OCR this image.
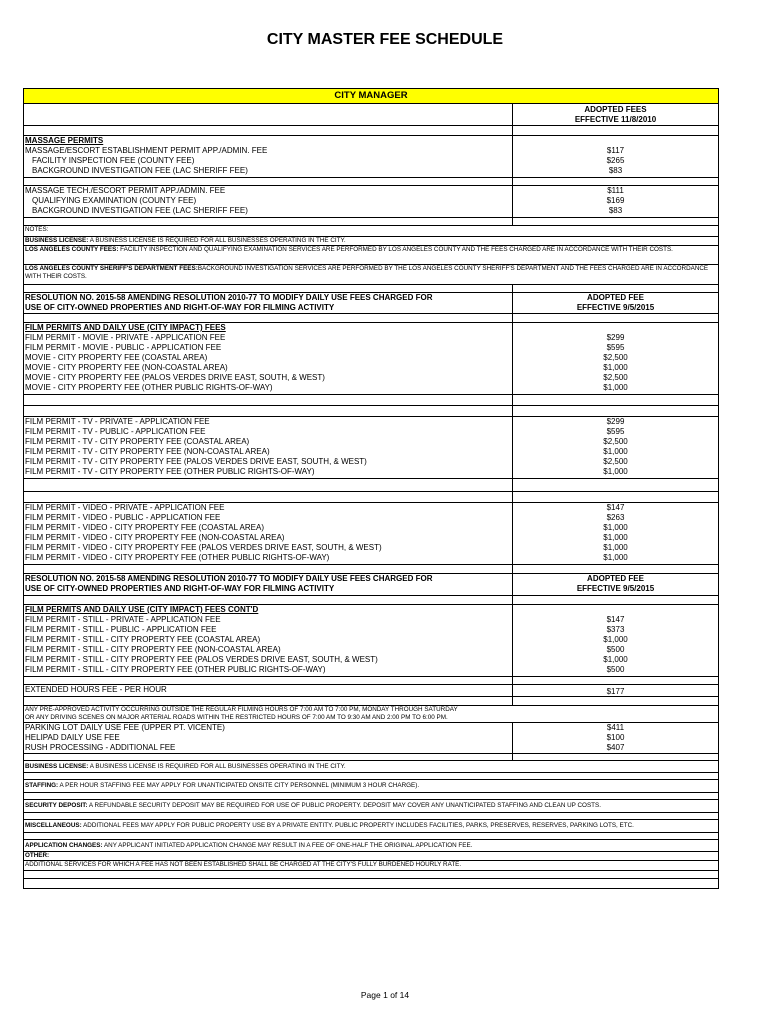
CITY MASTER FEE SCHEDULE
CITY MANAGER
ADOPTED FEES
EFFECTIVE 11/8/2010
MASSAGE PERMITS
MASSAGE/ESCORT ESTABLISHMENT PERMIT APP./ADMIN. FEE
FACILITY INSPECTION FEE (COUNTY FEE)
BACKGROUND INVESTIGATION FEE (LAC SHERIFF FEE)
$117
$265
$83
MASSAGE TECH./ESCORT PERMIT APP./ADMIN. FEE
QUALIFYING EXAMINATION (COUNTY FEE)
BACKGROUND INVESTIGATION FEE (LAC SHERIFF FEE)
$111
$169
$83
NOTES:
BUSINESS LICENSE: A BUSINESS LICENSE IS REQUIRED FOR ALL BUSINESSES OPERATING IN THE CITY.
LOS ANGELES COUNTY FEES: FACILITY INSPECTION AND QUALIFYING EXAMINATION SERVICES ARE PERFORMED BY LOS ANGELES COUNTY AND THE FEES CHARGED ARE IN ACCORDANCE WITH THEIR COSTS.
LOS ANGELES COUNTY SHERIFF'S DEPARTMENT FEES:BACKGROUND INVESTIGATION SERVICES ARE PERFORMED BY THE LOS ANGELES COUNTY SHERIFF'S DEPARTMENT AND THE FEES CHARGED ARE IN ACCORDANCE WITH THEIR COSTS.
RESOLUTION NO. 2015-58 AMENDING RESOLUTION 2010-77 TO MODIFY DAILY USE FEES CHARGED FOR
USE OF CITY-OWNED PROPERTIES AND RIGHT-OF-WAY FOR FILMING ACTIVITY
ADOPTED FEE
EFFECTIVE 9/5/2015
FILM PERMITS AND DAILY USE (CITY IMPACT) FEES
FILM PERMIT - MOVIE - PRIVATE - APPLICATION FEE
FILM PERMIT - MOVIE - PUBLIC - APPLICATION FEE
MOVIE - CITY PROPERTY FEE (COASTAL AREA)
MOVIE - CITY PROPERTY FEE (NON-COASTAL AREA)
MOVIE - CITY PROPERTY FEE (PALOS VERDES DRIVE EAST, SOUTH, & WEST)
MOVIE - CITY PROPERTY FEE (OTHER PUBLIC RIGHTS-OF-WAY)
$299
$595
$2,500
$1,000
$2,500
$1,000
FILM PERMIT - TV - PRIVATE - APPLICATION FEE
FILM PERMIT - TV - PUBLIC - APPLICATION FEE
FILM PERMIT - TV - CITY PROPERTY FEE (COASTAL AREA)
FILM PERMIT - TV - CITY PROPERTY FEE (NON-COASTAL AREA)
FILM PERMIT - TV - CITY PROPERTY FEE (PALOS VERDES DRIVE EAST, SOUTH, & WEST)
FILM PERMIT - TV - CITY PROPERTY FEE (OTHER PUBLIC RIGHTS-OF-WAY)
$299
$595
$2,500
$1,000
$2,500
$1,000
FILM PERMIT - VIDEO - PRIVATE - APPLICATION FEE
FILM PERMIT - VIDEO - PUBLIC - APPLICATION FEE
FILM PERMIT - VIDEO - CITY PROPERTY FEE (COASTAL AREA)
FILM PERMIT - VIDEO - CITY PROPERTY FEE (NON-COASTAL AREA)
FILM PERMIT - VIDEO - CITY PROPERTY FEE (PALOS VERDES DRIVE EAST, SOUTH, & WEST)
FILM PERMIT - VIDEO - CITY PROPERTY FEE (OTHER PUBLIC RIGHTS-OF-WAY)
$147
$263
$1,000
$1,000
$1,000
$1,000
RESOLUTION NO. 2015-58 AMENDING RESOLUTION 2010-77 TO MODIFY DAILY USE FEES CHARGED FOR
USE OF CITY-OWNED PROPERTIES AND RIGHT-OF-WAY FOR FILMING ACTIVITY
ADOPTED FEE
EFFECTIVE 9/5/2015
FILM PERMITS AND DAILY USE (CITY IMPACT) FEES CONT'D
FILM PERMIT - STILL - PRIVATE - APPLICATION FEE
FILM PERMIT - STILL - PUBLIC - APPLICATION FEE
FILM PERMIT - STILL - CITY PROPERTY FEE (COASTAL AREA)
FILM PERMIT - STILL - CITY PROPERTY FEE (NON-COASTAL AREA)
FILM PERMIT - STILL - CITY PROPERTY FEE (PALOS VERDES DRIVE EAST, SOUTH, & WEST)
FILM PERMIT - STILL - CITY PROPERTY FEE (OTHER PUBLIC RIGHTS-OF-WAY)
$147
$373
$1,000
$500
$1,000
$500
EXTENDED HOURS FEE - PER HOUR	$177
ANY PRE-APPROVED ACTIVITY OCCURRING OUTSIDE THE REGULAR FILMING HOURS OF 7:00 AM TO 7:00 PM, MONDAY THROUGH SATURDAY
OR ANY DRIVING SCENES ON MAJOR ARTERIAL ROADS WITHIN THE RESTRICTED HOURS OF 7:00 AM TO 9:30 AM AND 2:00 PM TO 6:00 PM.
PARKING LOT DAILY USE FEE (UPPER PT. VICENTE)
HELIPAD DAILY USE FEE
RUSH PROCESSING - ADDITIONAL FEE
$411
$100
$407
BUSINESS LICENSE: A BUSINESS LICENSE IS REQUIRED FOR ALL BUSINESSES OPERATING IN THE CITY.
STAFFING: A PER HOUR STAFFING FEE MAY APPLY FOR UNANTICIPATED ONSITE CITY PERSONNEL (MINIMUM 3 HOUR CHARGE).
SECURITY DEPOSIT: A REFUNDABLE SECURITY DEPOSIT MAY BE REQUIRED FOR USE OF PUBLIC PROPERTY. DEPOSIT MAY COVER ANY UNANTICIPATED STAFFING AND CLEAN UP COSTS.
MISCELLANEOUS: ADDITIONAL FEES MAY APPLY FOR PUBLIC PROPERTY USE BY A PRIVATE ENTITY. PUBLIC PROPERTY INCLUDES FACILITIES, PARKS, PRESERVES, RESERVES, PARKING LOTS, ETC.
APPLICATION CHANGES: ANY APPLICANT INITIATED APPLICATION CHANGE MAY RESULT IN A FEE OF ONE-HALF THE ORIGINAL APPLICATION FEE.
OTHER:
ADDITIONAL SERVICES FOR WHICH A FEE HAS NOT BEEN ESTABLISHED SHALL BE CHARGED AT THE CITY'S FULLY BURDENED HOURLY RATE.
Page 1 of 14
